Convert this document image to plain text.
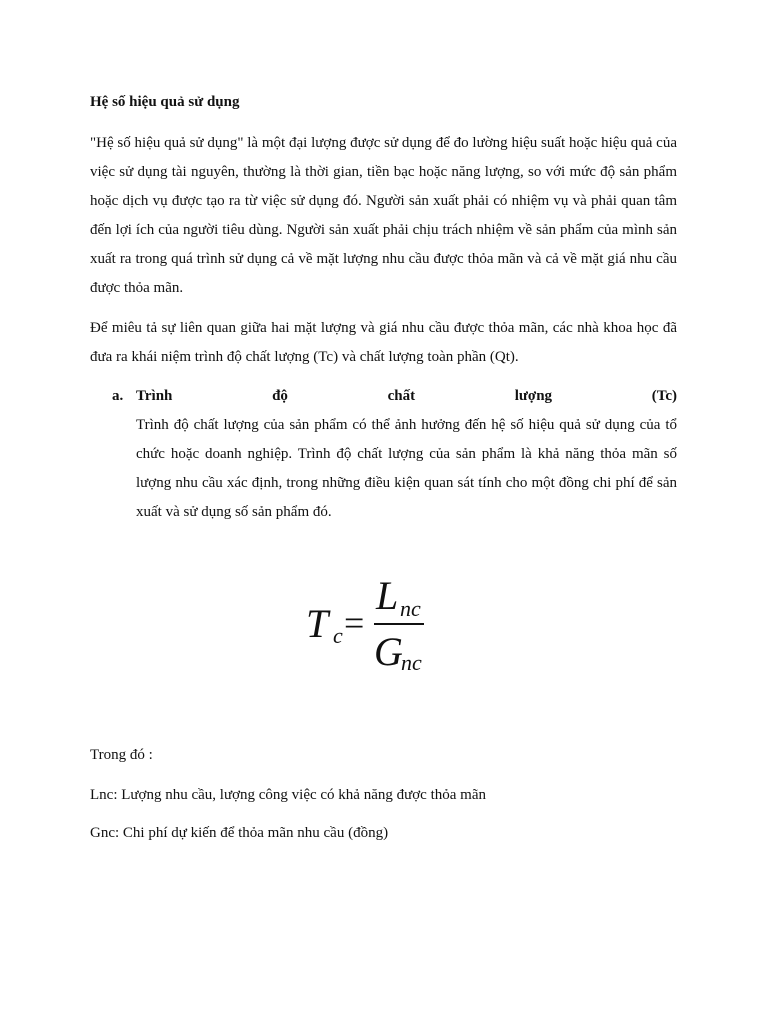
Hệ số hiệu quả sử dụng

"Hệ số hiệu quả sử dụng" là một đại lượng được sử dụng để đo lường hiệu suất hoặc hiệu quả của việc sử dụng tài nguyên, thường là thời gian, tiền bạc hoặc năng lượng, so với mức độ sản phẩm hoặc dịch vụ được tạo ra từ việc sử dụng đó. Người sản xuất phải có nhiệm vụ và phải quan tâm đến lợi ích của người tiêu dùng. Người sản xuất phải chịu trách nhiệm về sản phẩm của mình sản xuất ra trong quá trình sử dụng cả về mặt lượng nhu cầu được thỏa mãn và cả về mặt giá nhu cầu được thỏa mãn.

Để miêu tả sự liên quan giữa hai mặt lượng và giá nhu cầu được thỏa mãn, các nhà khoa học đã đưa ra khái niệm trình độ chất lượng (Tc) và chất lượng toàn phần (Qt).

a. Trình độ chất lượng (Tc)

Trình độ chất lượng của sản phẩm có thể ảnh hưởng đến hệ số hiệu quả sử dụng của tổ chức hoặc doanh nghiệp. Trình độ chất lượng của sản phẩm là khả năng thỏa mãn số lượng nhu cầu xác định, trong những điều kiện quan sát tính cho một đồng chi phí để sản xuất và sử dụng số sản phẩm đó.

T c =
L nc
G
nc

Trong đó :

Lnc: Lượng nhu cầu, lượng công việc có khả năng được thỏa mãn

Gnc: Chi phí dự kiến để thỏa mãn nhu cầu (đồng)
